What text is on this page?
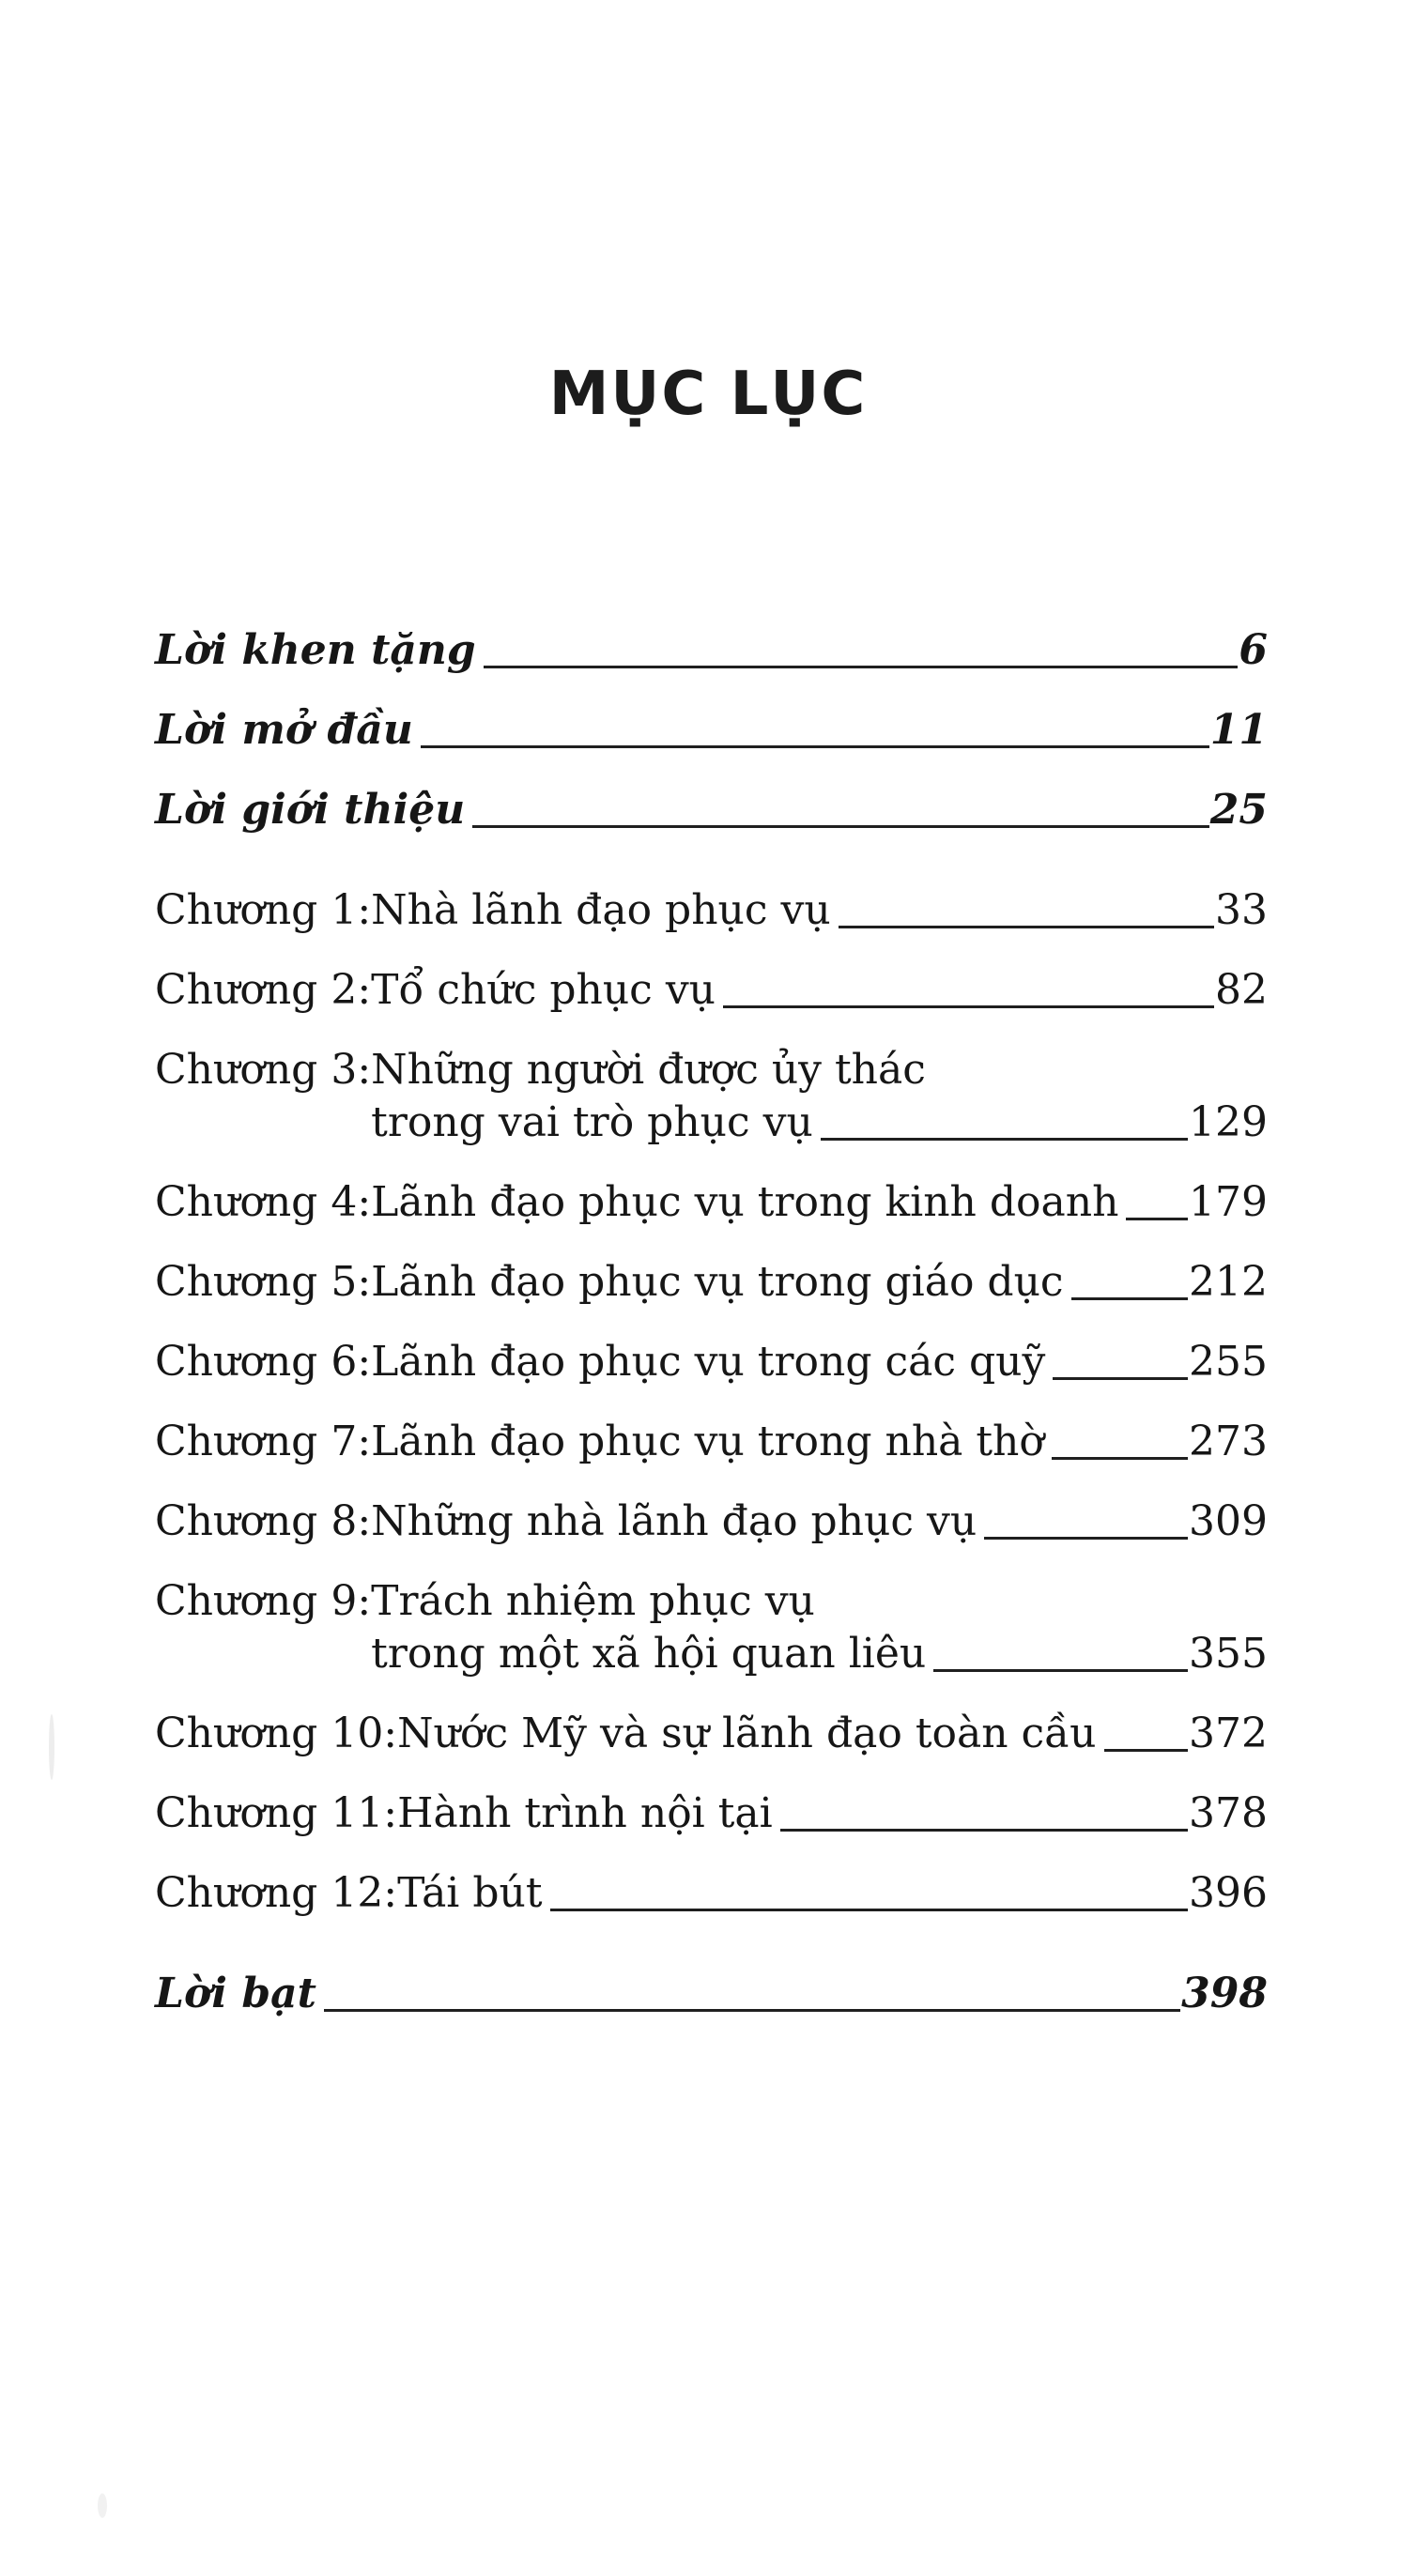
MỤC LỤC
Lời khen tặng	6
Lời mở đầu	11
Lời giới thiệu	25
Chương 1: Nhà lãnh đạo phục vụ	33
Chương 2: Tổ chức phục vụ	82
Chương 3: Những người được ủy thác
trong vai trò phục vụ	129
Chương 4: Lãnh đạo phục vụ trong kinh doanh 179
Chương 5: Lãnh đạo phục vụ trong giáo dục	212
Chương 6: Lãnh đạo phục vụ trong các quỹ	255
Chương 7: Lãnh đạo phục vụ trong nhà thờ	273
Chương 8: Những nhà lãnh đạo phục vụ	309
Chương 9: Trách nhiệm phục vụ
trong một xã hội quan liêu	355
Chương 10: Nước Mỹ và sự lãnh đạo toàn cầu 372
Chương 11: Hành trình nội tại	378
Chương 12: Tái bút	396
Lời bạt	398
